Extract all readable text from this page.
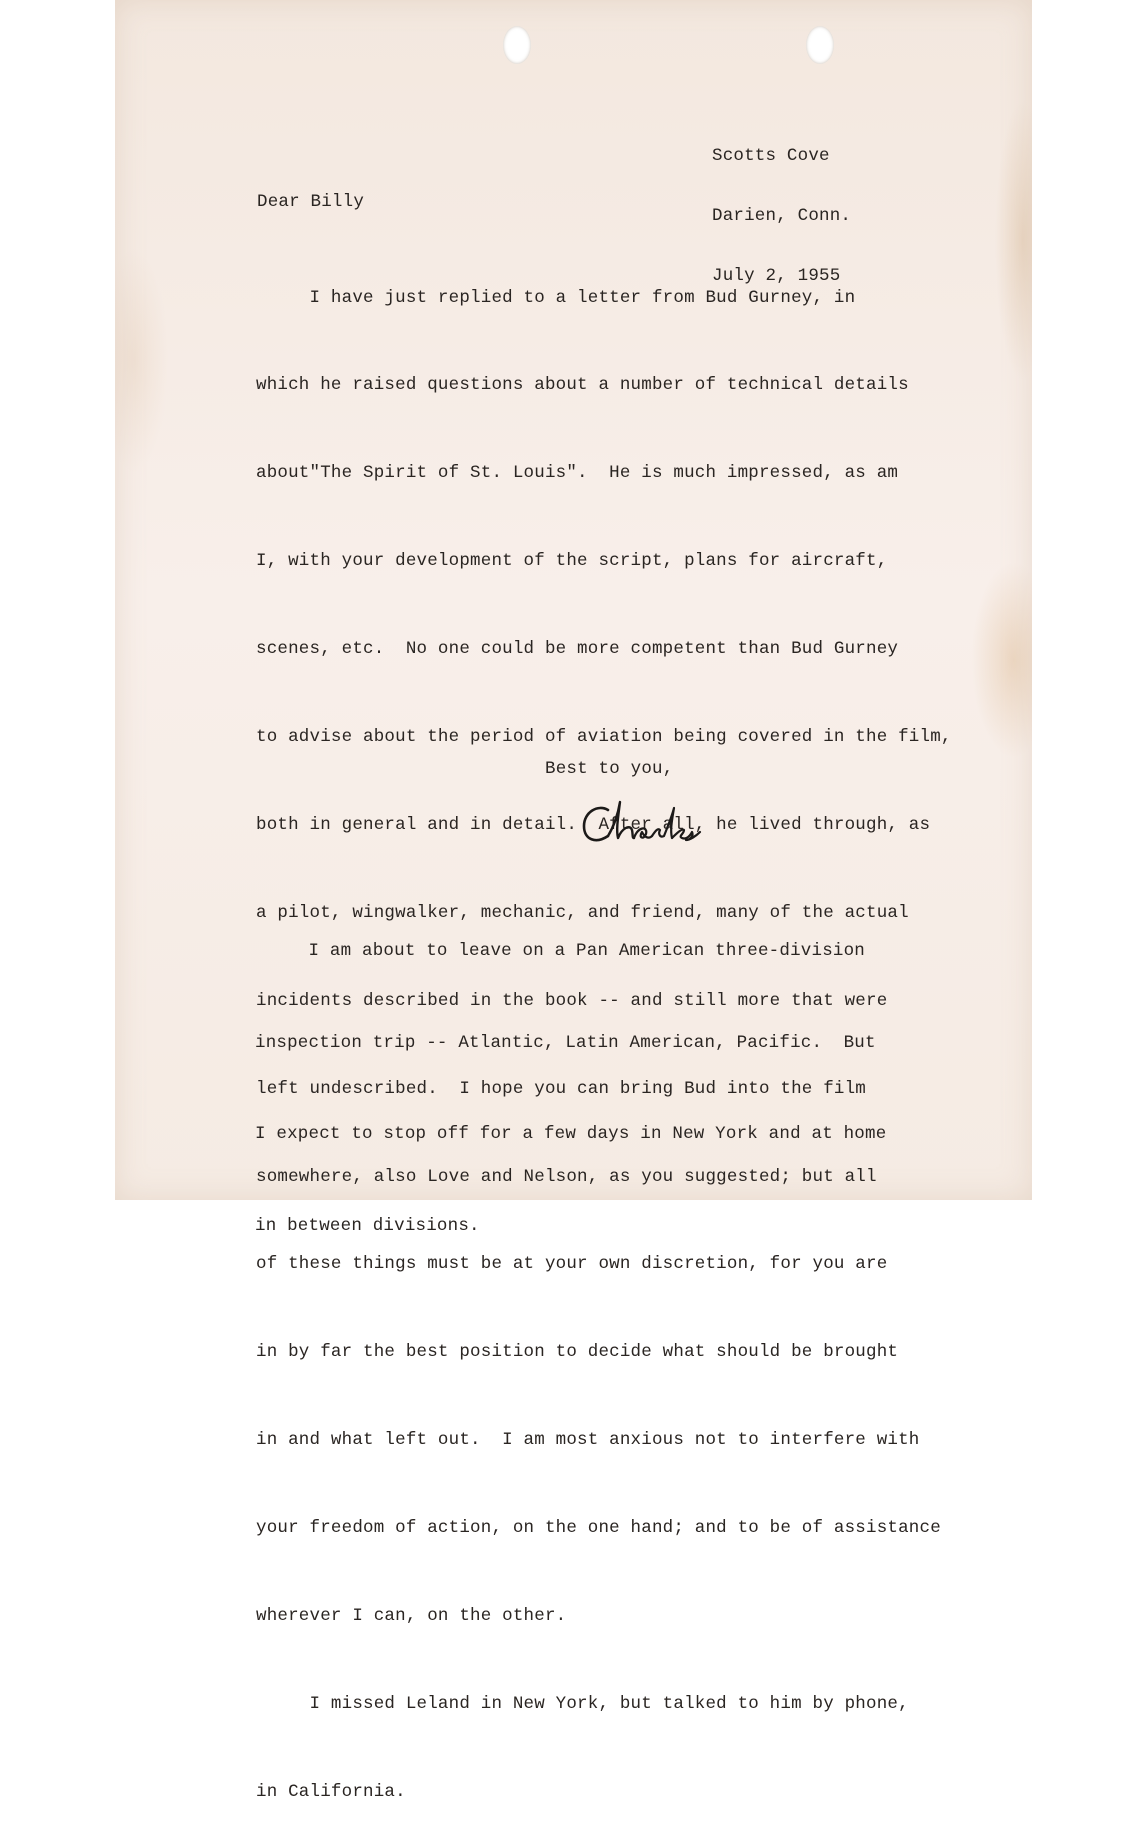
Scotts Cove

Darien, Conn.

July 2, 1955

Dear Billy

I have just replied to a letter from Bud Gurney, in

which he raised questions about a number of technical details

about"The Spirit of St. Louis".  He is much impressed, as am

I, with your development of the script, plans for aircraft,

scenes, etc.  No one could be more competent than Bud Gurney

to advise about the period of aviation being covered in the film,

both in general and in detail.  After all, he lived through, as

a pilot, wingwalker, mechanic, and friend, many of the actual

incidents described in the book -- and still more that were

left undescribed.  I hope you can bring Bud into the film

somewhere, also Love and Nelson, as you suggested; but all

of these things must be at your own discretion, for you are

in by far the best position to decide what should be brought

in and what left out.  I am most anxious not to interfere with

your freedom of action, on the one hand; and to be of assistance

wherever I can, on the other.

I missed Leland in New York, but talked to him by phone,

in California.

Best to you,

I am about to leave on a Pan American three-division

inspection trip -- Atlantic, Latin American, Pacific.  But

I expect to stop off for a few days in New York and at home

in between divisions.
